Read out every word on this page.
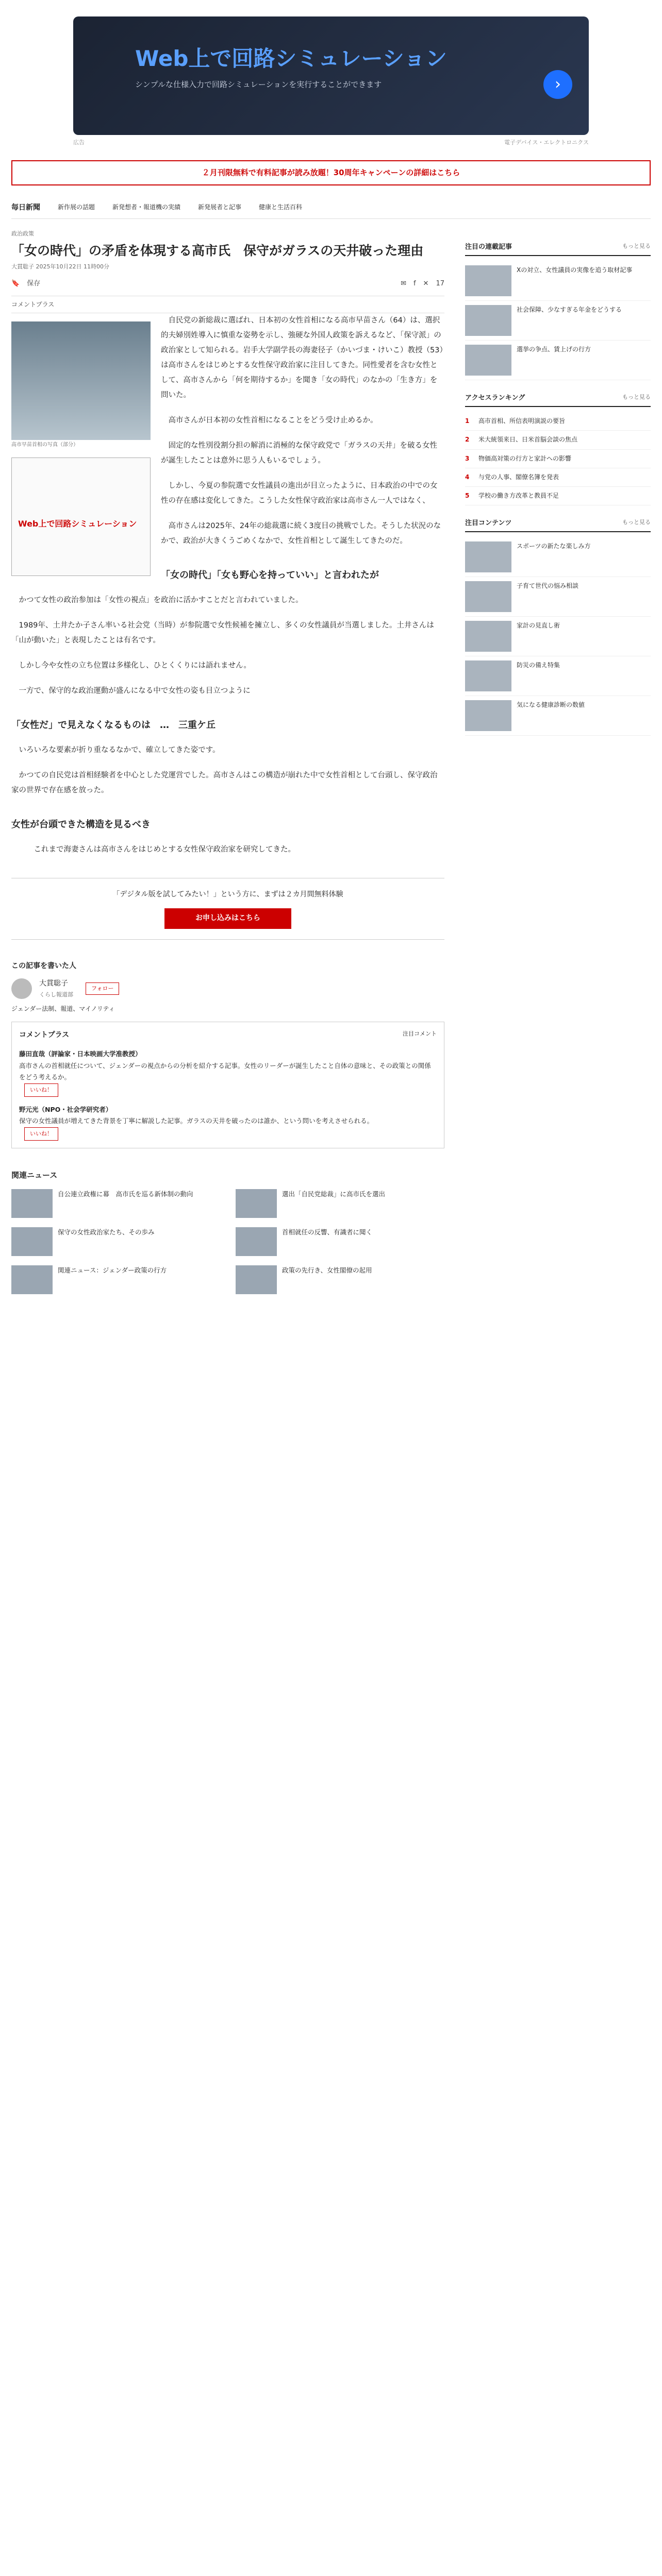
Web上で回路シミュレーション
シンプルな仕様入力で回路シミュレーションを実行することができます	›
広告	電子デバイス・エレクトロニクス
２月刊限無料で有料記事が読み放題！30周年キャンペーンの詳細はこちら
毎日新聞	新作展の話題	新発想者・報道機の実績	新発展者と記事	健康と生活百科
政治政策
「女の時代」の矛盾を体現する高市氏　保守がガラスの天井破った理由
大貫聡子 2025年10月22日 11時00分
🔖 保存	✉ f ✕ 17
コメントプラス
高市早苗首相の写真（部分）

　自民党の新総裁に選ばれ、日本初の女性首相になる高市早苗さん（64）は、選択的夫婦別姓導入に慎重な姿勢を示し、強硬な外国人政策を訴えるなど、「保守派」の政治家として知られる。岩手大学副学長の海妻径子（かいづま・けいこ）教授（53）は高市さんをはじめとする女性保守政治家に注目してきた。同性愛者を含む女性として、高市さんから「何を期待するか」を聞き「女の時代」のなかの「生き方」を問いた。

　高市さんが日本初の女性首相になることをどう受け止めるか。

Web上で回路シミュレーション

　固定的な性別役割分担の解消に消極的な保守政党で「ガラスの天井」を破る女性が誕生したことは意外に思う人もいるでしょう。

　しかし、今夏の参院選で女性議員の進出が目立ったように、日本政治の中での女性の存在感は変化してきた。こうした女性保守政治家は高市さん一人ではなく、

　高市さんは2025年、24年の総裁選に続く3度目の挑戦でした。そうした状況のなかで、政治が大きくうごめくなかで、女性首相として誕生してきたのだ。

「女の時代」「女も野心を持っていい」と言われたが

　かつて女性の政治参加は「女性の視点」を政治に活かすことだと言われていました。

　1989年、土井たか子さん率いる社会党（当時）が参院選で女性候補を擁立し、多くの女性議員が当選しました。土井さんは「山が動いた」と表現したことは有名です。

　しかし今や女性の立ち位置は多様化し、ひとくくりには語れません。

　一方で、保守的な政治運動が盛んになる中で女性の姿も目立つように

「女性だ」で見えなくなるものは　…　三重ケ丘

　いろいろな要素が折り重なるなかで、確立してきた姿です。

　かつての自民党は首相経験者を中心とした党運営でした。高市さんはこの構造が崩れた中で女性首相として台頭し、保守政治家の世界で存在感を放った。

女性が台頭できた構造を見るべき

　　　これまで海妻さんは高市さんをはじめとする女性保守政治家を研究してきた。

「デジタル版を試してみたい！」という方に、まずは２カ月間無料体験
お申し込みはこちら
この記事を書いた人
大貫聡子
くらし報道部
フォロー
ジェンダー法制、報道、マイノリティ
コメントプラス	注目コメント
藤田直哉（評論家・日本映画大学准教授）
高市さんの首相就任について、ジェンダーの視点からの分析を紹介する記事。女性のリーダーが誕生したこと自体の意味と、その政策との関係をどう考えるか。
いいね！
野元光（NPO・社会学研究者）
保守の女性議員が増えてきた背景を丁寧に解説した記事。ガラスの天井を破ったのは誰か、という問いを考えさせられる。
いいね！
関連ニュース
自公連立政権に幕　高市氏を巡る新体制の動向	選出「自民党総裁」に高市氏を選出
保守の女性政治家たち、その歩み	首相就任の反響、有識者に聞く
関連ニュース：ジェンダー政策の行方	政策の先行き、女性閣僚の起用
注目の連載記事	もっと見る
Xの対立、女性議員の実像を追う取材記事
社会保障、少なすぎる年金をどうする
選挙の争点、賃上げの行方
アクセスランキング	もっと見る
1	高市首相、所信表明演説の要旨
2	米大統領来日、日米首脳会談の焦点
3	物価高対策の行方と家計への影響
4	与党の人事、閣僚名簿を発表
5	学校の働き方改革と教員不足
注目コンテンツ	もっと見る
スポーツの新たな楽しみ方
子育て世代の悩み相談
家計の見直し術
防災の備え特集
気になる健康診断の数値
